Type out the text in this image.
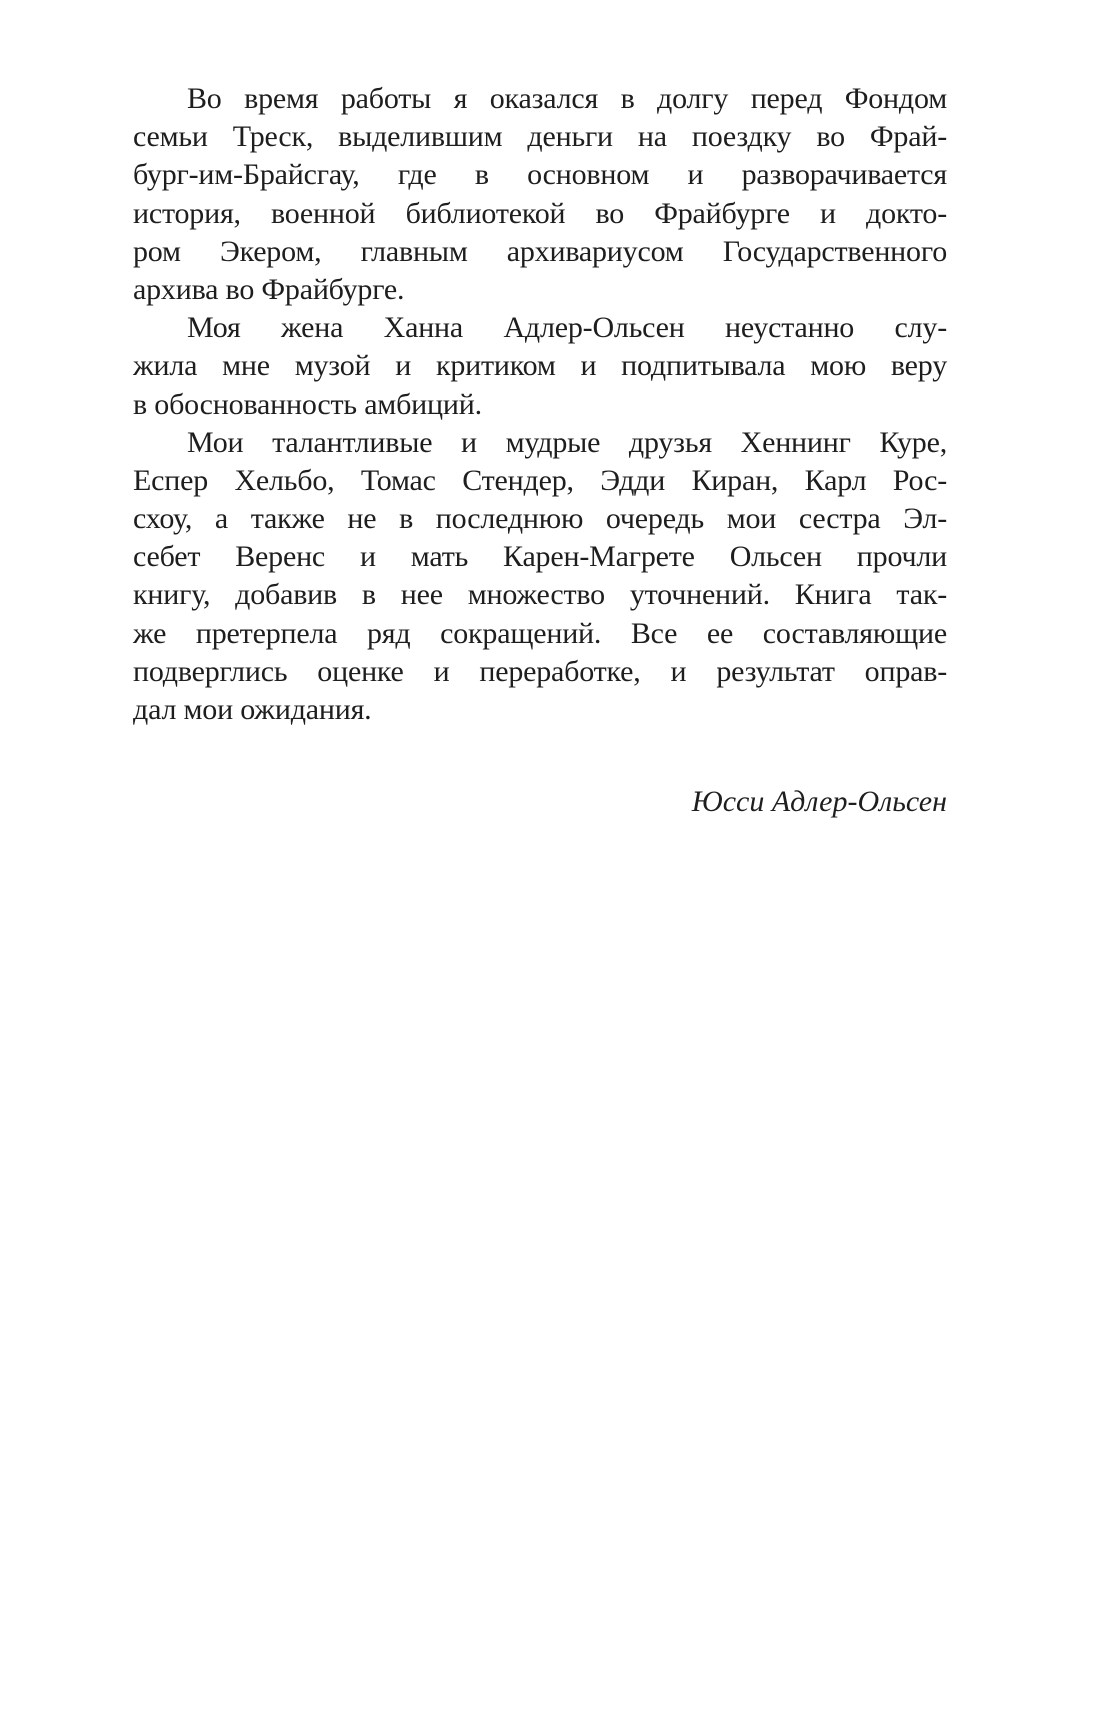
Во время работы я оказался в долгу перед Фондом
семьи Треск, выделившим деньги на поездку во Фрай-
бург-им-Брайсгау, где в основном и разворачивается
история, военной библиотекой во Фрайбурге и докто-
ром Экером, главным архивариусом Государственного
архива во Фрайбурге.
Моя жена Ханна Адлер-Ольсен неустанно слу-
жила мне музой и критиком и подпитывала мою веру
в обоснованность амбиций.
Мои талантливые и мудрые друзья Хеннинг Куре,
Еспер Хельбо, Томас Стендер, Эдди Киран, Карл Рос-
схоу, а также не в последнюю очередь мои сестра Эл-
себет Веренс и мать Карен-Магрете Ольсен прочли
книгу, добавив в нее множество уточнений. Книга так-
же претерпела ряд сокращений. Все ее составляющие
подверглись оценке и переработке, и результат оправ-
дал мои ожидания.
Юсси Адлер-Ольсен
